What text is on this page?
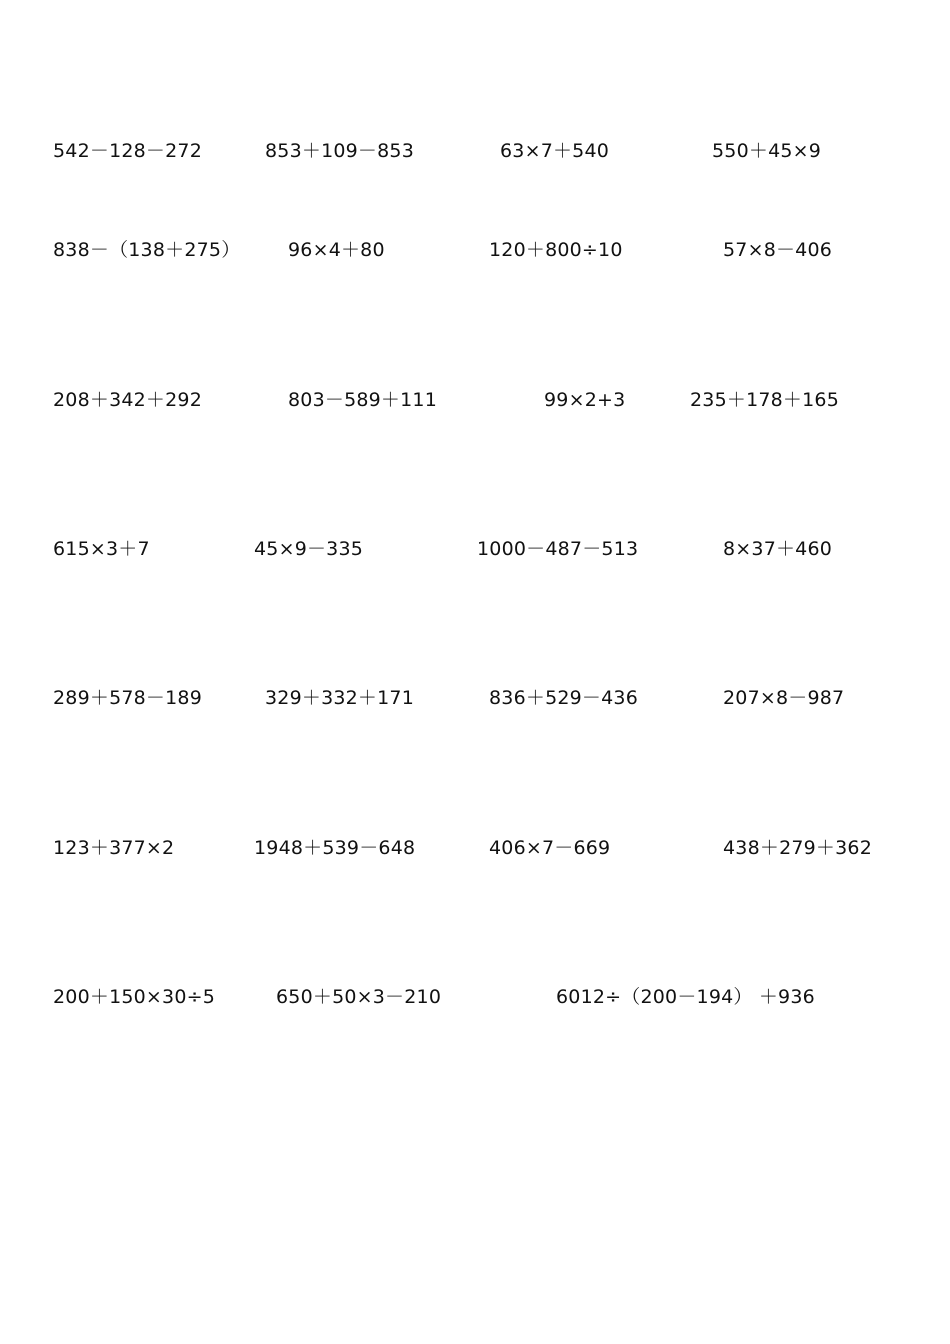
542－128－272	853＋109－853	63×7＋540	550＋45×9
838－（138＋275）	96×4＋80	120＋800÷10	57×8－406
208＋342＋292	803－589＋111	99×2+3	235＋178＋165
615×3＋7	45×9－335	1000－487－513	8×37＋460
289＋578－189	329＋332＋171	836＋529－436	207×8－987
123＋377×2	1948＋539－648	406×7－669	438＋279＋362
200＋150×30÷5	650＋50×3－210	6012÷（200－194） ＋936
